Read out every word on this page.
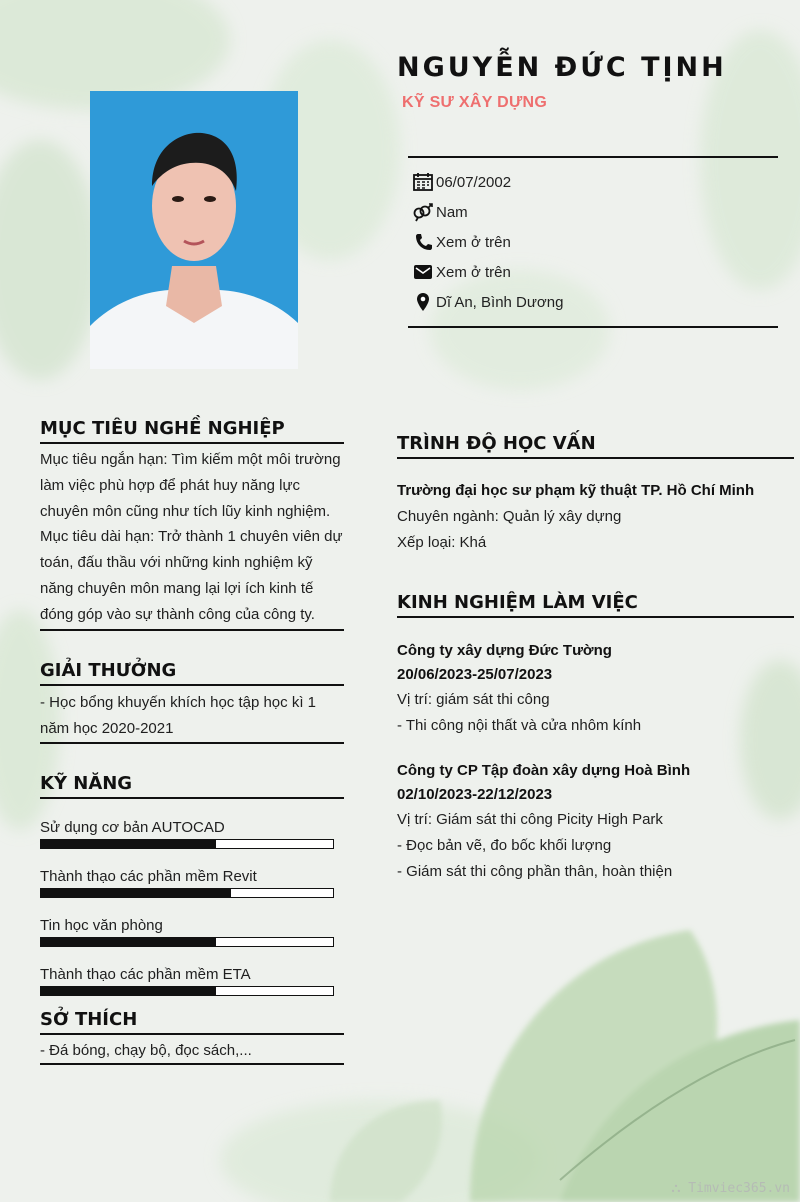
NGUYỄN ĐỨC TỊNH
KỸ SƯ XÂY DỰNG
06/07/2002
Nam
Xem ở trên
Xem ở trên
Dĩ An, Bình Dương
MỤC TIÊU NGHỀ NGHIỆP
Mục tiêu ngắn hạn: Tìm kiếm một môi trường
làm việc phù hợp để phát huy năng lực
chuyên môn cũng như tích lũy kinh nghiệm.
Mục tiêu dài hạn: Trở thành 1 chuyên viên dự
toán, đấu thầu với những kinh nghiệm kỹ
năng chuyên môn mang lại lợi ích kinh tế
đóng góp vào sự thành công của công ty.
GIẢI THƯỞNG
- Học bổng khuyến khích học tập học kì 1
năm học 2020-2021
KỸ NĂNG
Sử dụng cơ bản AUTOCAD
Thành thạo các phần mềm Revit
Tin học văn phòng
Thành thạo các phần mềm ETA
SỞ THÍCH
- Đá bóng, chạy bộ, đọc sách,...
TRÌNH ĐỘ HỌC VẤN
Trường đại học sư phạm kỹ thuật TP. Hồ Chí Minh
Chuyên ngành: Quản lý xây dựng
Xếp loại: Khá
KINH NGHIỆM LÀM VIỆC
Công ty xây dựng Đức Tường
20/06/2023-25/07/2023
Vị trí: giám sát thi công
- Thi công nội thất và cửa nhôm kính
Công ty CP Tập đoàn xây dựng Hoà Bình
02/10/2023-22/12/2023
Vị trí: Giám sát thi công Picity High Park
- Đọc bản vẽ, đo bốc khối lượng
- Giám sát thi công phần thân, hoàn thiện
⛬ Timviec365.vn
